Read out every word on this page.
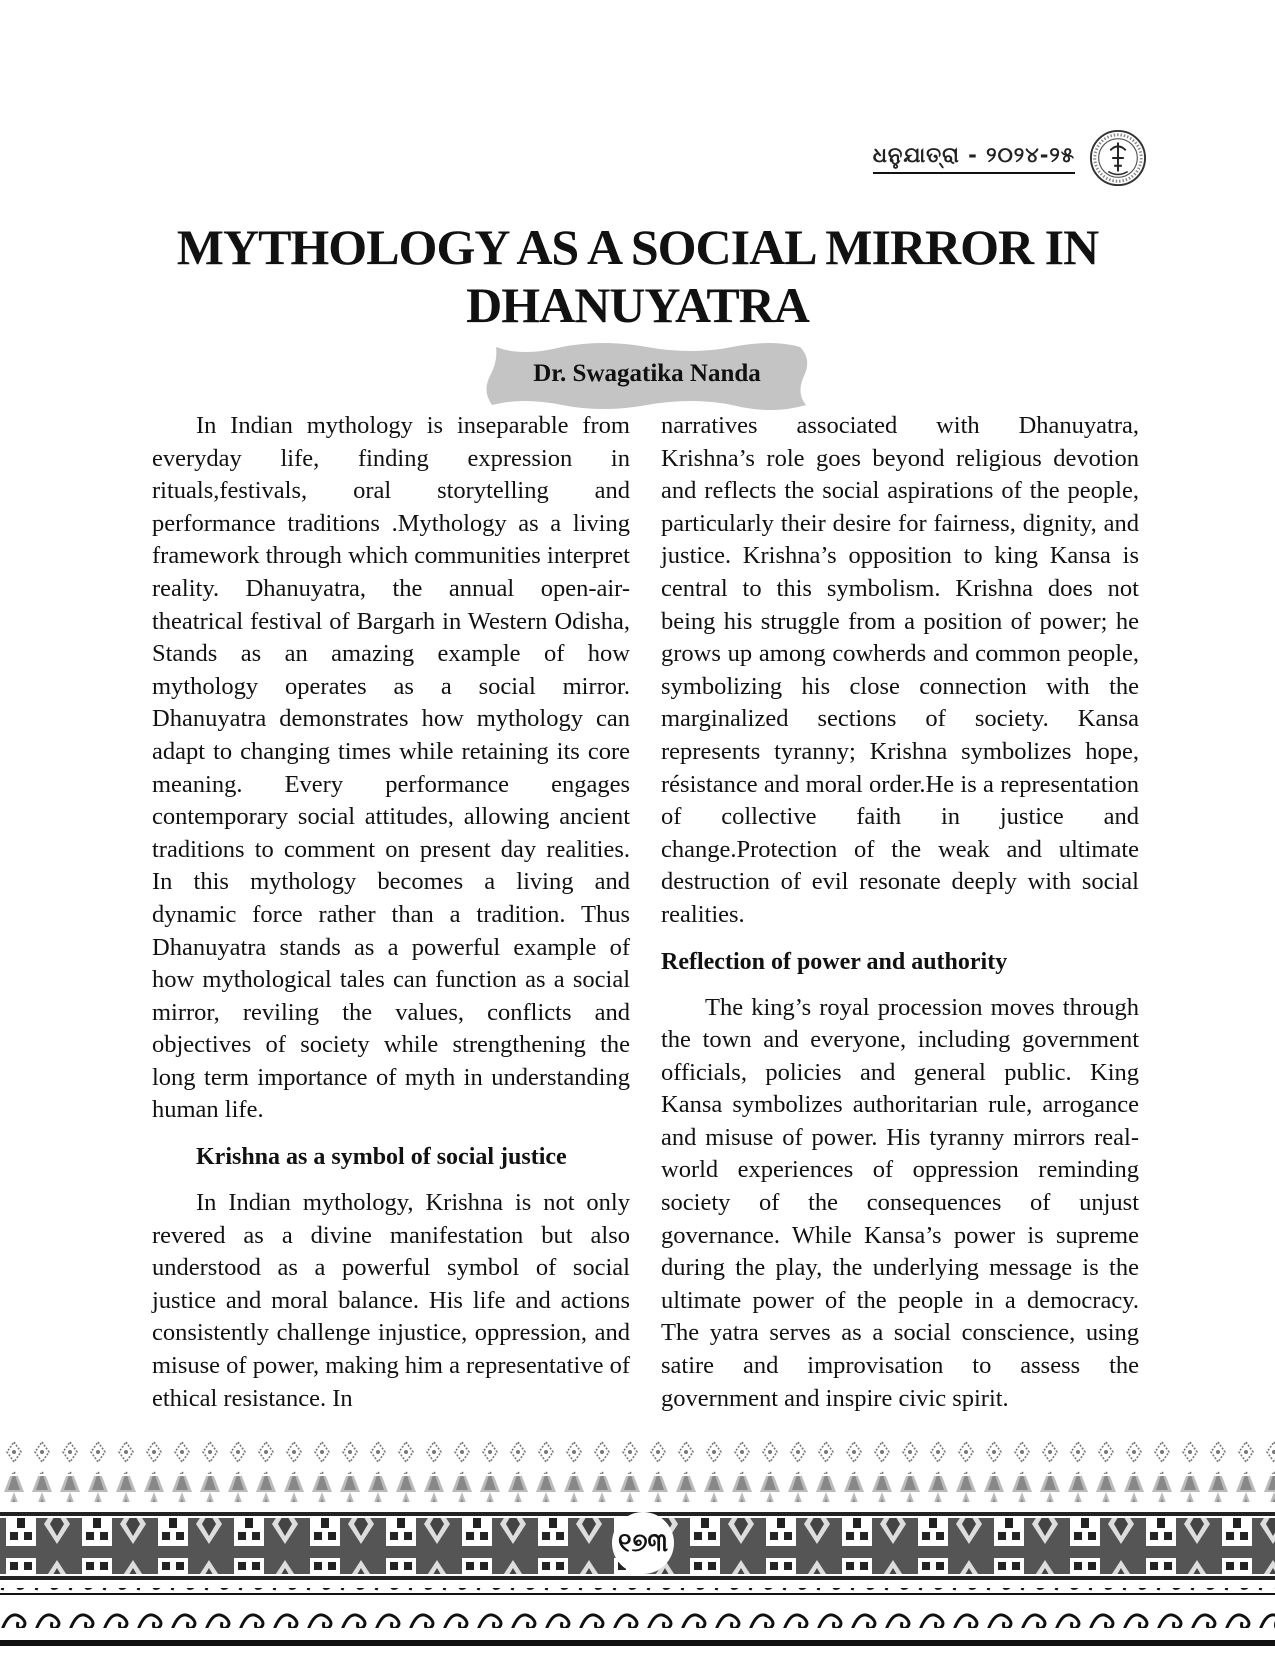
ଧନୁଯାତ୍ରା - ୨୦୨୪-୨୫
MYTHOLOGY AS A SOCIAL MIRROR IN
DHANUYATRA
Dr. Swagatika Nanda

In Indian mythology is inseparable from everyday life, finding expression in rituals,festivals, oral storytelling and performance traditions .Mythology as a living framework through which communities interpret reality. Dhanuyatra, the annual open-air-theatrical festival of Bargarh in Western Odisha, Stands as an amazing example of how mythology operates as a social mirror. Dhanuyatra demonstrates how mythology can adapt to changing times while retaining its core meaning. Every performance engages contemporary social attitudes, allowing ancient traditions to comment on present day realities. In this mythology becomes a living and dynamic force rather than a tradition. Thus Dhanuyatra stands as a powerful example of how mythological tales can function as a social mirror, reviling the values, conflicts and objectives of society while strengthening the long term importance of myth in understanding human life.

Krishna as a symbol of social justice

In Indian mythology, Krishna is not only revered as a divine manifestation but also understood as a powerful symbol of social justice and moral balance. His life and actions consistently challenge injustice, oppression, and misuse of power, making him a representative of ethical resistance. In

narratives associated with Dhanuyatra, Krishna’s role goes beyond religious devotion and reflects the social aspirations of the people, particularly their desire for fairness, dignity, and justice. Krishna’s opposition to king Kansa is central to this symbolism. Krishna does not being his struggle from a position of power; he grows up among cowherds and common people, symbolizing his close connection with the marginalized sections of society. Kansa represents tyranny; Krishna symbolizes hope, résistance and moral order.He is a representation of collective faith in justice and change.Protection of the weak and ultimate destruction of evil resonate deeply with social realities.

Reflection of power and authority

The king’s royal procession moves through the town and everyone, including government officials, policies and general public. King Kansa symbolizes authoritarian rule, arrogance and misuse of power. His tyranny mirrors real-world experiences of oppression reminding society of the consequences of unjust governance. While Kansa’s power is supreme during the play, the underlying message is the ultimate power of the people in a democracy. The yatra serves as a social conscience, using satire and improvisation to assess the government and inspire civic spirit.

୧୭୩
